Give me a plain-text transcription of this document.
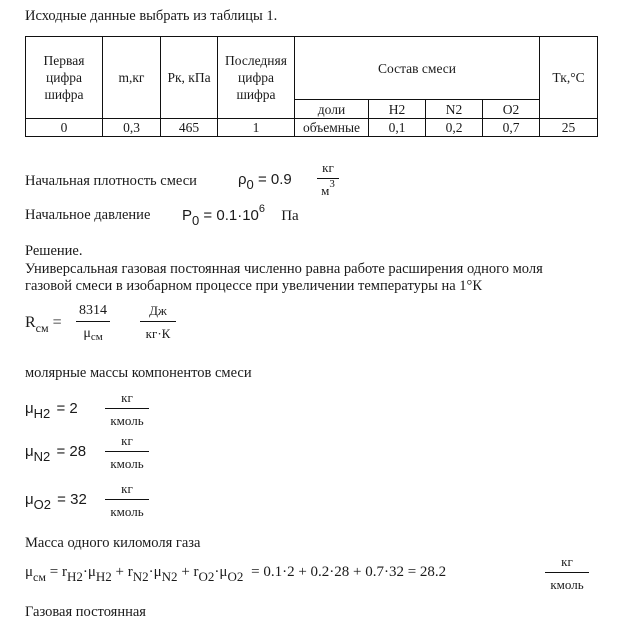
Исходные данные выбрать из таблицы 1.
Первая цифра шифра	m,кг	Рк, кПа	Последняя цифра шифра	Состав смеси				Тк,°С
				доли	H2	N2	O2	
0	0,3	465	1	объемные	0,1	0,2	0,7	25
Начальная плотность смеси	ρ0 = 0.9
кг
$м^3$
Начальное давление $P0 = 0.1\cdot 10^6$ Па
Решение.
Универсальная газовая постоянная численно равна работе расширения одного моля
газовой смеси в изобарном процессе при увеличении температуры на 1°К
$R_{см}$ =
8314
$\mu_{см}$
Дж
кг·К
молярные массы компонентов смеси
μH2 = 2
кг
кмоль
μN2 = 28
кг
кмоль
μO2 = 32
кг
кмоль
Масса одного киломоля газа
$\mu_{см} = rH2\cdot\mu H2 + rN2\cdot\mu N2 + rO2\cdot\mu O2 = 0.1\cdot 2 + 0.2\cdot 28 + 0.7\cdot 32 = 28.2$
кг
кмоль
Газовая постоянная
